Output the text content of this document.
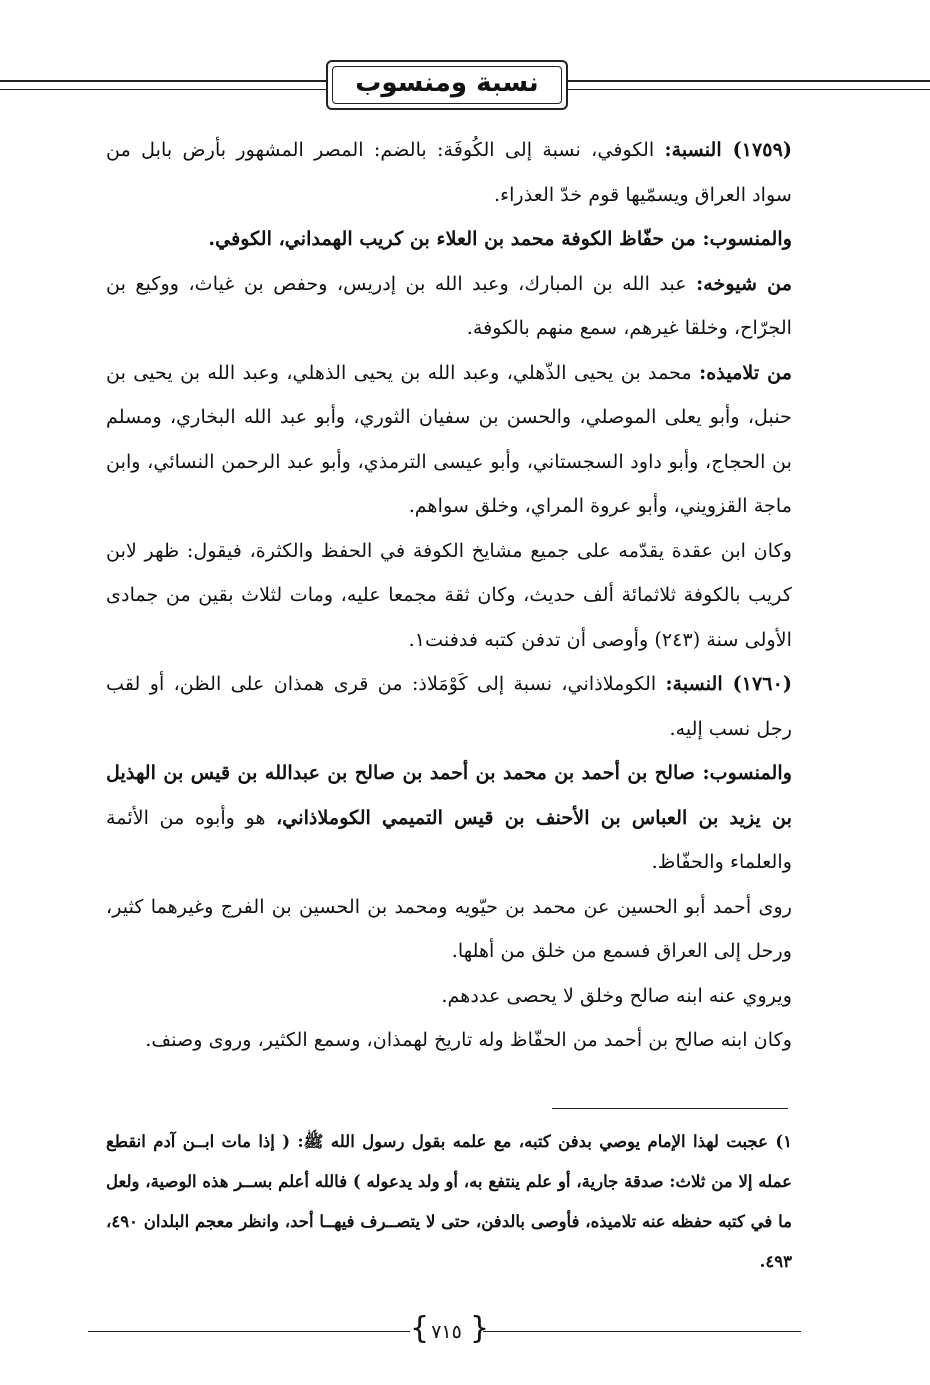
نسبة ومنسوب

(١٧٥٩) النسبة: الكوفي، نسبة إلى الكُوفَة: بالضم: المصر المشهور بأرض بابل من سواد العراق ويسمّيها قوم خدّ العذراء.

والمنسوب: من حفّاظ الكوفة محمد بن العلاء بن كريب الهمداني، الكوفي.

من شيوخه: عبد الله بن المبارك، وعبد الله بن إدريس، وحفص بن غياث، ووكيع بن الجرّاح، وخلقا غيرهم، سمع منهم بالكوفة.

من تلاميذه: محمد بن يحيى الذّهلي، وعبد الله بن يحيى الذهلي، وعبد الله بن يحيى بن حنبل، وأبو يعلى الموصلي، والحسن بن سفيان الثوري، وأبو عبد الله البخاري، ومسلم بن الحجاج، وأبو داود السجستاني، وأبو عيسى الترمذي، وأبو عبد الرحمن النسائي، وابن ماجة القزويني، وأبو عروة المراي، وخلق سواهم.

وكان ابن عقدة يقدّمه على جميع مشايخ الكوفة في الحفظ والكثرة، فيقول: ظهر لابن كريب بالكوفة ثلاثمائة ألف حديث، وكان ثقة مجمعا عليه، ومات لثلاث بقين من جمادى الأولى سنة (٢٤٣) وأوصى أن تدفن كتبه فدفنت١.

(١٧٦٠) النسبة: الكوملاذاني، نسبة إلى كَوْمَلاذ: من قرى همذان على الظن، أو لقب رجل نسب إليه.

والمنسوب: صالح بن أحمد بن محمد بن أحمد بن صالح بن عبدالله بن قيس بن الهذيل بن يزيد بن العباس بن الأحنف بن قيس التميمي الكوملاذاني، هو وأبوه من الأئمة والعلماء والحفّاظ.

روى أحمد أبو الحسين عن محمد بن حيّويه ومحمد بن الحسين بن الفرج وغيرهما كثير، ورحل إلى العراق فسمع من خلق من أهلها.

ويروي عنه ابنه صالح وخلق لا يحصى عددهم.

وكان ابنه صالح بن أحمد من الحفّاظ وله تاريخ لهمذان، وسمع الكثير، وروى وصنف.

١) عجبت لهذا الإمام يوصي بدفن كتبه، مع علمه بقول رسول الله ﷺ: ( إذا مات ابــن آدم انقطع عمله إلا من ثلاث: صدقة جارية، أو علم ينتفع به، أو ولد يدعوله ) فالله أعلم بســر هذه الوصية، ولعل ما في كتبه حفظه عنه تلاميذه، فأوصى بالدفن، حتى لا يتصــرف فيهــا أحد، وانظر معجم البلدان ٤٩٠، ٤٩٣.

{ ٧١٥ }
